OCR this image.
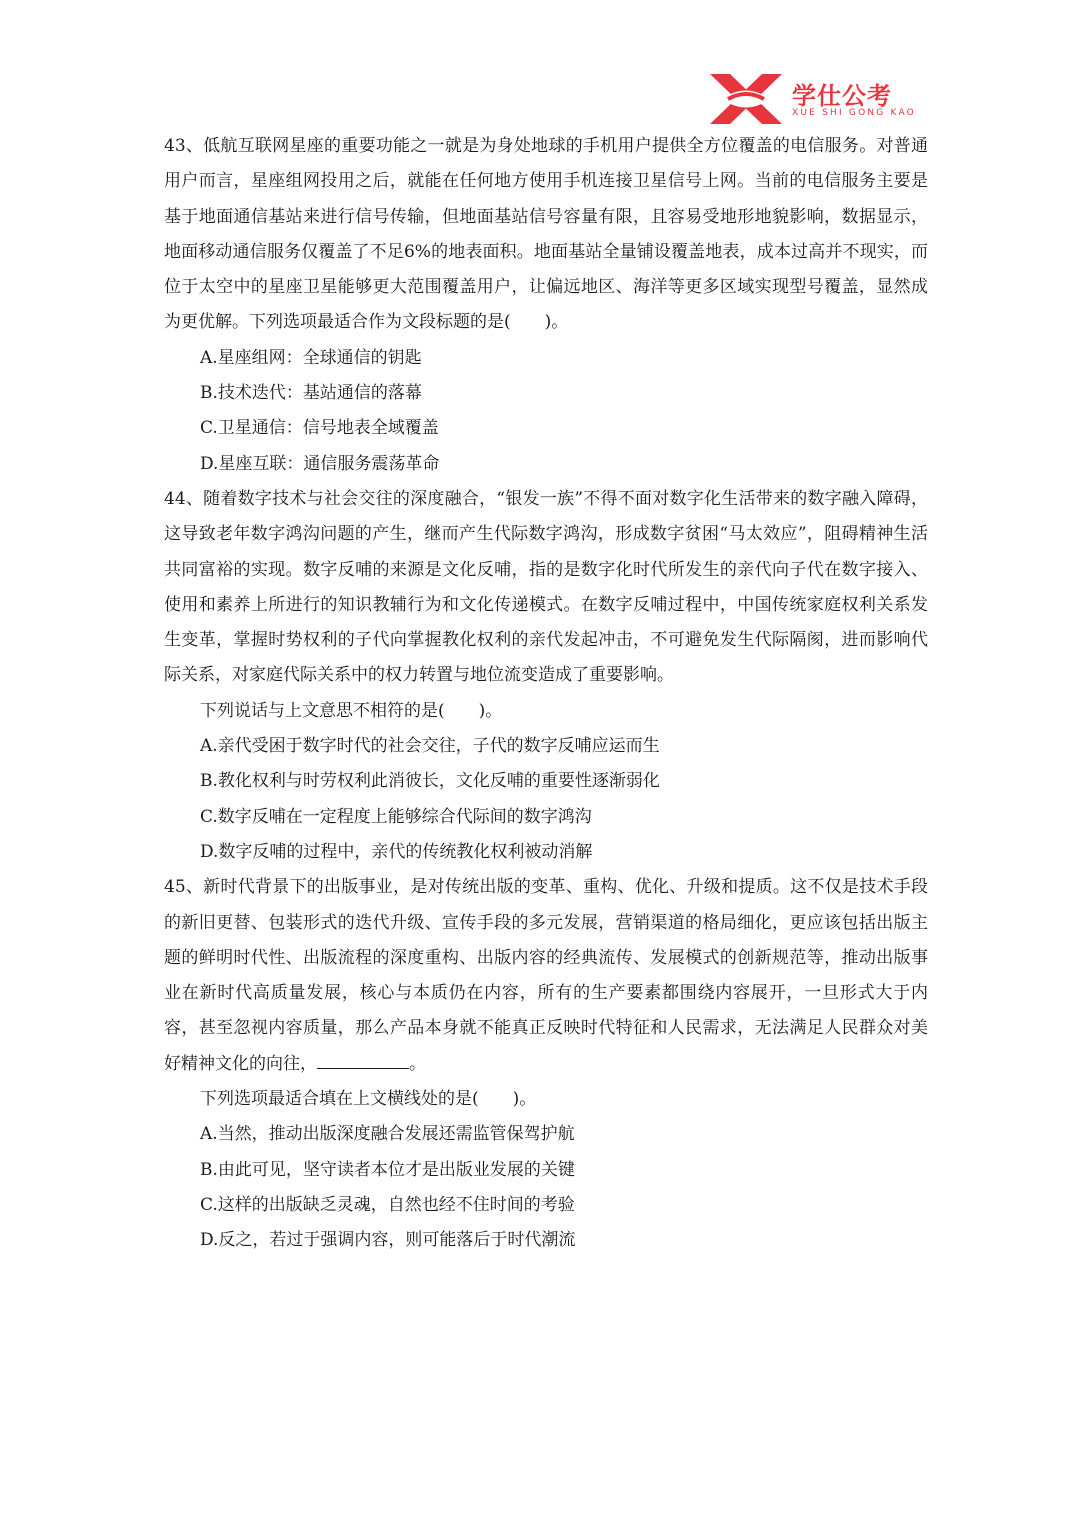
学仕公考
XUE SHI GONG KAO

43、低航互联网星座的重要功能之一就是为身处地球的手机用户提供全方位覆盖的电信服务。对普通用户而言，星座组网投用之后，就能在任何地方使用手机连接卫星信号上网。当前的电信服务主要是基于地面通信基站来进行信号传输，但地面基站信号容量有限，且容易受地形地貌影响，数据显示，地面移动通信服务仅覆盖了不足6%的地表面积。地面基站全量铺设覆盖地表，成本过高并不现实，而位于太空中的星座卫星能够更大范围覆盖用户，让偏远地区、海洋等更多区域实现型号覆盖，显然成为更优解。下列选项最适合作为文段标题的是(　　)。

A.星座组网：全球通信的钥匙

B.技术迭代：基站通信的落幕

C.卫星通信：信号地表全域覆盖

D.星座互联：通信服务震荡革命

44、随着数字技术与社会交往的深度融合，“银发一族”不得不面对数字化生活带来的数字融入障碍，这导致老年数字鸿沟问题的产生，继而产生代际数字鸿沟，形成数字贫困“马太效应”，阻碍精神生活共同富裕的实现。数字反哺的来源是文化反哺，指的是数字化时代所发生的亲代向子代在数字接入、使用和素养上所进行的知识教辅行为和文化传递模式。在数字反哺过程中，中国传统家庭权利关系发生变革，掌握时势权利的子代向掌握教化权利的亲代发起冲击，不可避免发生代际隔阂，进而影响代际关系，对家庭代际关系中的权力转置与地位流变造成了重要影响。

下列说话与上文意思不相符的是(　　)。

A.亲代受困于数字时代的社会交往，子代的数字反哺应运而生

B.教化权利与时劳权利此消彼长，文化反哺的重要性逐渐弱化

C.数字反哺在一定程度上能够综合代际间的数字鸿沟

D.数字反哺的过程中，亲代的传统教化权利被动消解

45、新时代背景下的出版事业，是对传统出版的变革、重构、优化、升级和提质。这不仅是技术手段的新旧更替、包装形式的迭代升级、宣传手段的多元发展，营销渠道的格局细化，更应该包括出版主题的鲜明时代性、出版流程的深度重构、出版内容的经典流传、发展模式的创新规范等，推动出版事业在新时代高质量发展，核心与本质仍在内容，所有的生产要素都围绕内容展开，一旦形式大于内容，甚至忽视内容质量，那么产品本身就不能真正反映时代特征和人民需求，无法满足人民群众对美好精神文化的向往，	。

下列选项最适合填在上文横线处的是(　　)。

A.当然，推动出版深度融合发展还需监管保驾护航

B.由此可见，坚守读者本位才是出版业发展的关键

C.这样的出版缺乏灵魂，自然也经不住时间的考验

D.反之，若过于强调内容，则可能落后于时代潮流
